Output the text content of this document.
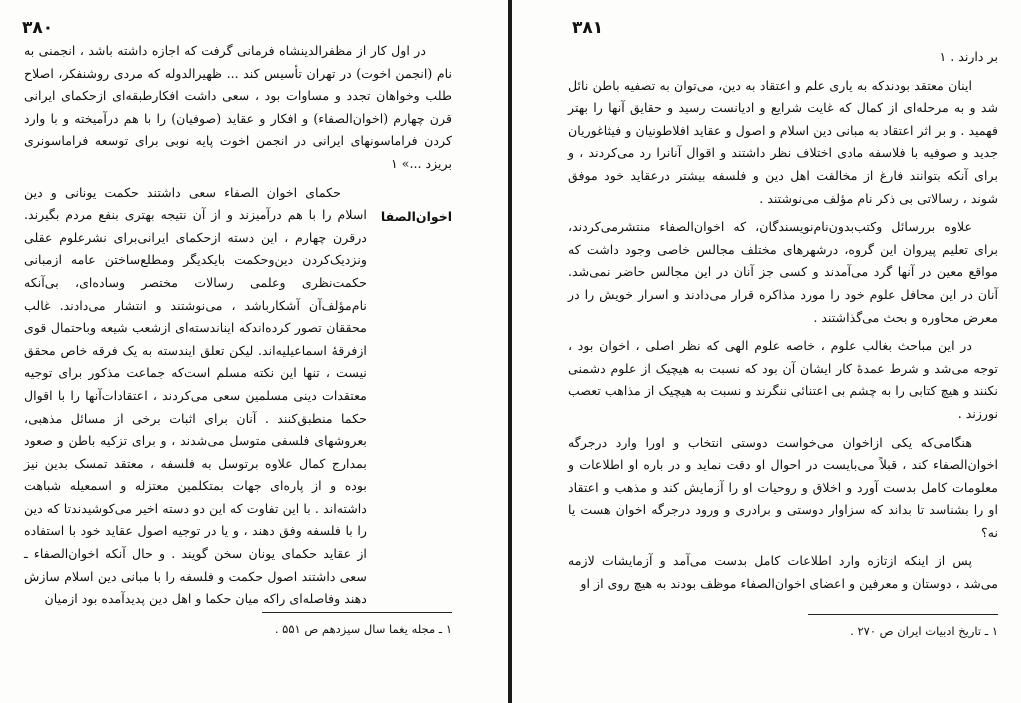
۳۸۰

در اول کار از مظفرالدینشاه فرمانی گرفت که اجازه داشته باشد ، انجمنی به نام (انجمن اخوت) در تهران تأسیس کند ... ظهیرالدوله که مردی روشنفکر، اصلاح طلب وخواهان تجدد و مساوات بود ، سعی داشت افکارطبقه‌ای ازحکمای ایرانی قرن چهارم (اخوان‌الصفاء) و افکار و عقاید (صوفیان) را با هم درآمیخته و با وارد کردن فراماسونهای ایرانی در انجمن اخوت پایه نوبی برای توسعه فراماسونری بریزد ...» ۱

اخوان‌الصفا

حکمای اخوان الصفاء سعی داشتند حکمت یونانی و دین اسلام را با هم درآمیزند و از آن نتیجه بهتری بنفع مردم بگیرند. درقرن چهارم ، این دسته ازحکمای ایرانی‌برای نشرعلوم عقلی ونزدیک‌کردن دین‌وحکمت بایکدیگر ومطلع‌ساختن عامه ازمبانی حکمت‌نظری وعلمی رسالات مختصر وساده‌ای، بی‌آنکه نام‌مؤلف‌آن آشکارباشد ، می‌نوشتند و انتشار می‌دادند. غالب محققان تصور کرده‌اندکه ایناندسته‌ای ازشعب شیعه وباحتمال قوی ازفرقهٔ اسماعیلیه‌اند. لیکن تعلق ایندسته به یک فرقه خاص محقق نیست ، تنها این نکته مسلم است‌که جماعت مذکور برای توجیه معتقدات دینی مسلمین سعی می‌کردند ، اعتقادات‌آنها را با اقوال حکما منطبق‌کنند . آنان برای اثبات برخی از مسائل مذهبی، بعروشهای فلسفی متوسل می‌شدند ، و برای تزکیه باطن و صعود بمدارج کمال علاوه برتوسل به فلسفه ، معتقد تمسک بدین نیز بوده و از پاره‌ای جهات بمتکلمین معتزله و اسمعیله شباهت داشته‌اند . با این تفاوت که این دو دسته اخیر می‌کوشیدند‌تا که دین را با فلسفه وفق دهند ، و یا در توجیه اصول عقاید خود با استفاده از عقاید حکمای یونان سخن گویند . و حال آنکه اخوان‌الصفاء ـ سعی داشتند اصول حکمت و فلسفه را با مبانی دین اسلام سازش دهند وفاصله‌ای راکه میان حکما و اهل دین پدیدآمده بود ازمیان

۱ ـ مجله یغما سال سیزدهم ص ۵۵۱ .
۳۸۱

بر دارند . ۱

اینان معتقد بودندکه به یاری علم و اعتقاد به دین، می‌توان به تصفیه باطن نائل شد و به مرحله‌ای از کمال که غایت شرایع و ادیانست رسید و حقایق آنها را بهتر فهمید . و بر اثر اعتقاد به مبانی دین اسلام و اصول و عقاید افلاطونیان و فیثاغوریان جدید و صوفیه با فلاسفه مادی اختلاف نظر داشتند و اقوال آنانرا رد می‌کردند ، و برای آنکه بتوانند فارغ از مخالفت اهل دین و فلسفه بیشتر درعقاید خود موفق شوند ، رسالاتی بی ذکر نام مؤلف می‌نوشتند .

علاوه بررسائل وکتب‌بدون‌نام‌نویسندگان، که اخوان‌الصفاء منتشرمی‌کردند، برای تعلیم پیروان این گروه، درشهرهای مختلف مجالس خاصی وجود داشت که مواقع معین در آنها گرد می‌آمدند و کسی جز آنان در این مجالس حاضر نمی‌شد. آنان در این محافل علوم خود را مورد مذاکره قرار می‌دادند و اسرار خویش را در معرض محاوره و بحث می‌گذاشتند .

در این مباحث بغالب علوم ، خاصه علوم الهی که نظر اصلی ، اخوان بود ، توجه می‌شد و شرط عمدهٔ کار ایشان آن بود که نسبت به هیچیک از علوم دشمنی نکنند و هیچ کتابی را به چشم بی اعتنائی ننگرند و نسبت به هیچیک از مذاهب تعصب نورزند .

هنگامی‌که یکی ازاخوان می‌خواست دوستی انتخاب و اورا وارد درجرگه اخوان‌الصفاء کند ، قبلاً می‌بایست در احوال او دقت نماید و در باره او اطلاعات و معلومات کامل بدست آورد و اخلاق و روحیات او را آزمایش کند و مذهب و اعتقاد او را بشناسد تا بداند که سزاوار دوستی و برادری و ورود درجرگه اخوان هست یا نه؟

پس از اینکه ازتازه وارد اطلاعات کامل بدست می‌آمد و آزمایشات لازمه می‌شد ، دوستان و معرفین و اعضای اخوان‌الصفاء موظف بودند به هیچ روی از او

۱ ـ تاریخ ادبیات ایران ص ۲۷۰ .
